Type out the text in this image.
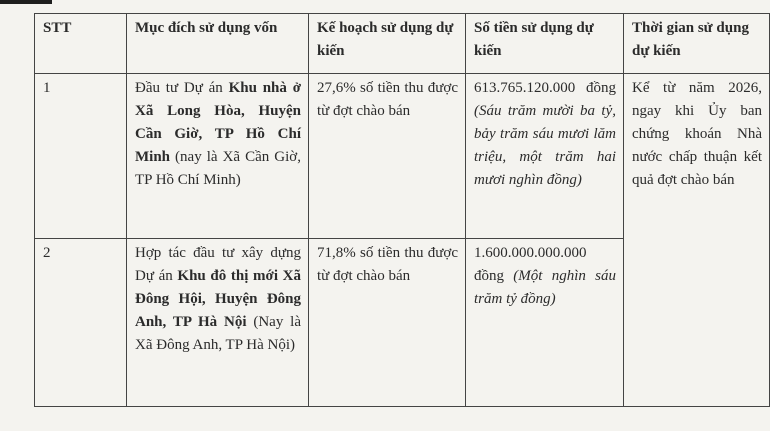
STT	Mục đích sử dụng vốn	Kế hoạch sử dụng dự kiến	Số tiền sử dụng dự kiến	Thời gian sử dụng dự kiến
1	Đầu tư Dự án Khu nhà ở Xã Long Hòa, Huyện Cần Giờ, TP Hồ Chí Minh (nay là Xã Cần Giờ, TP Hồ Chí Minh)	27,6% số tiền thu được từ đợt chào bán	613.765.120.000 đồng (Sáu trăm mười ba tỷ, bảy trăm sáu mươi lăm triệu, một trăm hai mươi nghìn đồng)	Kể từ năm 2026, ngay khi Ủy ban chứng khoán Nhà nước chấp thuận kết quả đợt chào bán
2	Hợp tác đầu tư xây dựng Dự án Khu đô thị mới Xã Đông Hội, Huyện Đông Anh, TP Hà Nội (Nay là Xã Đông Anh, TP Hà Nội)	71,8% số tiền thu được từ đợt chào bán	1.600.000.000.000 đồng (Một nghìn sáu trăm tỷ đồng)	
